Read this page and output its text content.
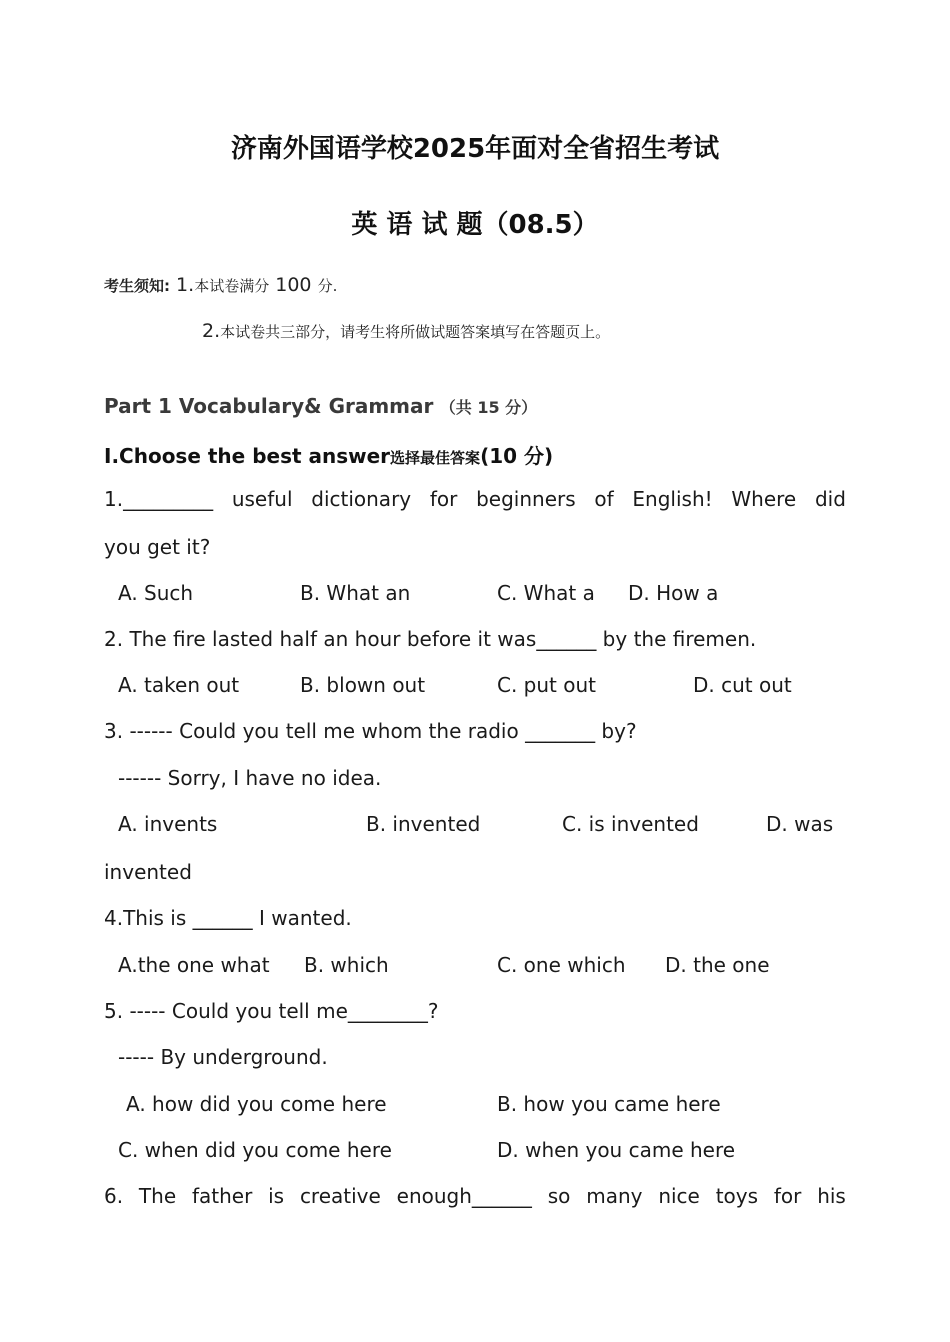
济南外国语学校2025年面对全省招生考试
英 语 试 题（08.5）
考生须知: 1.本试卷满分 100 分.
2.本试卷共三部分，请考生将所做试题答案填写在答题页上。
Part 1 Vocabulary& Grammar （共 15 分）
I.Choose the best answer选择最佳答案(10 分)
1._________ useful dictionary for beginners of English! Where did
you get it?
A. Such	B. What an	C. What a D. How a
2. The fire lasted half an hour before it was______ by the firemen.
A. taken out	B. blown out	C. put out	D. cut out
3. ------ Could you tell me whom the radio _______ by?
------ Sorry, I have no idea.
A. invents	B. invented	C. is invented	D. was
invented
4.This is ______ I wanted.
A.the one what B. which	C. one which D. the one
5. ----- Could you tell me________?
----- By underground.
A. how did you come here	B. how you came here
C. when did you come here	D. when you came here
6. The father is creative enough______ so many nice toys for his
